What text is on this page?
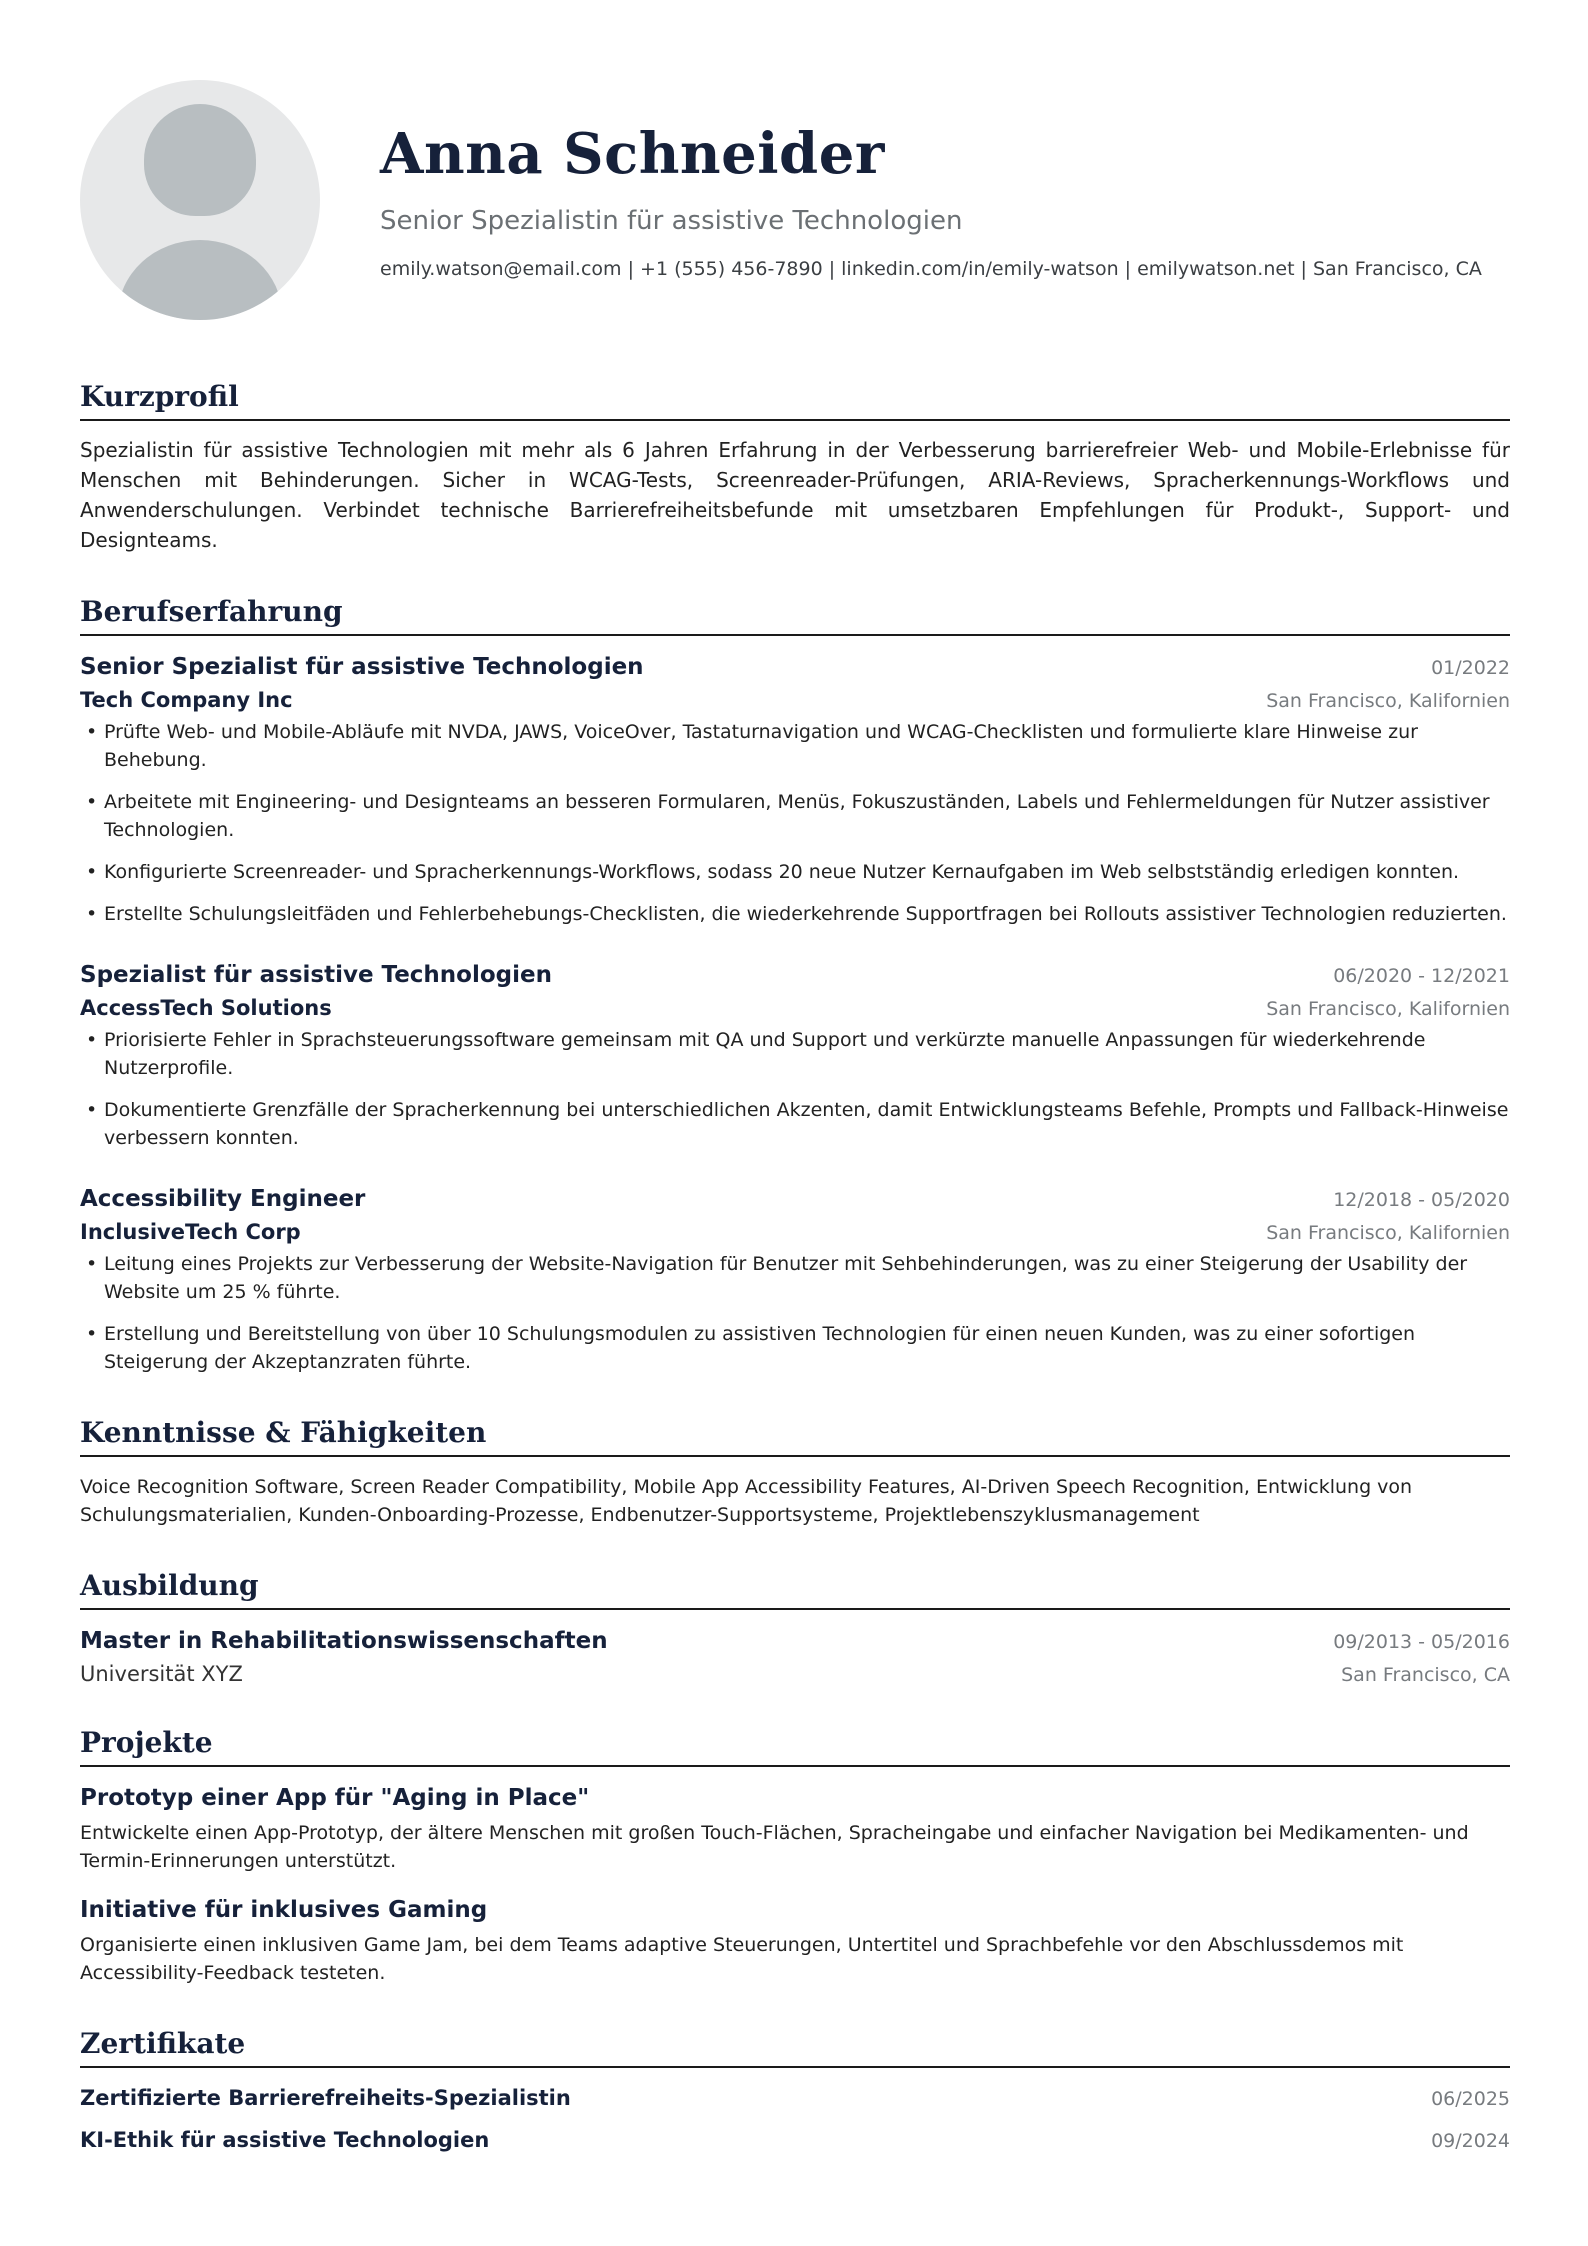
Anna Schneider
Senior Spezialistin für assistive Technologien
emily.watson@email.com | +1 (555) 456-7890 | linkedin.com/in/emily-watson | emilywatson.net | San Francisco, CA
Kurzprofil
Spezialistin für assistive Technologien mit mehr als 6 Jahren Erfahrung in der Verbesserung barrierefreier Web- und Mobile-Erlebnisse für Menschen mit Behinderungen. Sicher in WCAG-Tests, Screenreader-Prüfungen, ARIA-Reviews, Spracherkennungs-Workflows und Anwenderschulungen. Verbindet technische Barrierefreiheitsbefunde mit umsetzbaren Empfehlungen für Produkt-, Support- und Designteams.
Berufserfahrung
Senior Spezialist für assistive Technologien	01/2022
Tech Company Inc	San Francisco, Kalifornien
• Prüfte Web- und Mobile-Abläufe mit NVDA, JAWS, VoiceOver, Tastaturnavigation und WCAG-Checklisten und formulierte klare Hinweise zur Behebung.
• Arbeitete mit Engineering- und Designteams an besseren Formularen, Menüs, Fokuszuständen, Labels und Fehlermeldungen für Nutzer assistiver Technologien.
• Konfigurierte Screenreader- und Spracherkennungs-Workflows, sodass 20 neue Nutzer Kernaufgaben im Web selbstständig erledigen konnten.
• Erstellte Schulungsleitfäden und Fehlerbehebungs-Checklisten, die wiederkehrende Supportfragen bei Rollouts assistiver Technologien reduzierten.
Spezialist für assistive Technologien	06/2020 - 12/2021
AccessTech Solutions	San Francisco, Kalifornien
• Priorisierte Fehler in Sprachsteuerungssoftware gemeinsam mit QA und Support und verkürzte manuelle Anpassungen für wiederkehrende Nutzerprofile.
• Dokumentierte Grenzfälle der Spracherkennung bei unterschiedlichen Akzenten, damit Entwicklungsteams Befehle, Prompts und Fallback-Hinweise verbessern konnten.
Accessibility Engineer	12/2018 - 05/2020
InclusiveTech Corp	San Francisco, Kalifornien
• Leitung eines Projekts zur Verbesserung der Website-Navigation für Benutzer mit Sehbehinderungen, was zu einer Steigerung der Usability der Website um 25 % führte.
• Erstellung und Bereitstellung von über 10 Schulungsmodulen zu assistiven Technologien für einen neuen Kunden, was zu einer sofortigen Steigerung der Akzeptanzraten führte.
Kenntnisse & Fähigkeiten
Voice Recognition Software, Screen Reader Compatibility, Mobile App Accessibility Features, AI-Driven Speech Recognition, Entwicklung von Schulungsmaterialien, Kunden-Onboarding-Prozesse, Endbenutzer-Supportsysteme, Projektlebenszyklusmanagement
Ausbildung
Master in Rehabilitationswissenschaften	09/2013 - 05/2016
Universität XYZ	San Francisco, CA
Projekte
Prototyp einer App für "Aging in Place"
Entwickelte einen App-Prototyp, der ältere Menschen mit großen Touch-Flächen, Spracheingabe und einfacher Navigation bei Medikamenten- und Termin-Erinnerungen unterstützt.
Initiative für inklusives Gaming
Organisierte einen inklusiven Game Jam, bei dem Teams adaptive Steuerungen, Untertitel und Sprachbefehle vor den Abschlussdemos mit Accessibility-Feedback testeten.
Zertifikate
Zertifizierte Barrierefreiheits-Spezialistin	06/2025
KI-Ethik für assistive Technologien	09/2024
